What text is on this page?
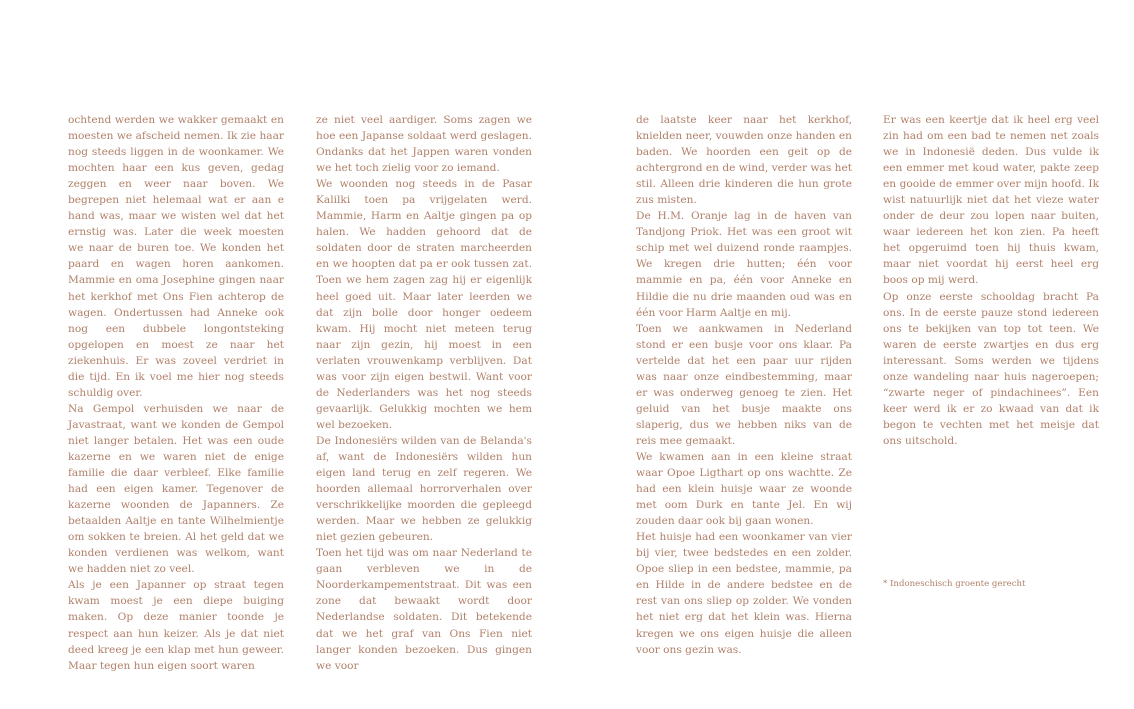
ochtend werden we wakker gemaakt en moesten we afscheid nemen. Ik zie haar nog steeds liggen in de woonkamer. We mochten haar een kus geven, gedag zeggen en weer naar boven. We begrepen niet helemaal wat er aan e hand was, maar we wisten wel dat het ernstig was. Later die week moesten we naar de buren toe. We konden het paard en wagen horen aankomen. Mammie en oma Josephine gingen naar het kerkhof met Ons Fien achterop de wagen. Ondertussen had Anneke ook nog een dubbele longontsteking opgelopen en moest ze naar het ziekenhuis. Er was zoveel verdriet in die tijd. En ik voel me hier nog steeds schuldig over.

Na Gempol verhuisden we naar de Javastraat, want we konden de Gempol niet langer betalen. Het was een oude kazerne en we waren niet de enige familie die daar verbleef. Elke familie had een eigen kamer. Tegenover de kazerne woonden de Japanners. Ze betaalden Aaltje en tante Wilhelmientje om sokken te breien. Al het geld dat we konden verdienen was welkom, want we hadden niet zo veel.

Als je een Japanner op straat tegen kwam moest je een diepe buiging maken. Op deze manier toonde je respect aan hun keizer. Als je dat niet deed kreeg je een klap met hun geweer. Maar tegen hun eigen soort waren

ze niet veel aardiger. Soms zagen we hoe een Japanse soldaat werd geslagen. Ondanks dat het Jappen waren vonden we het toch zielig voor zo iemand.

We woonden nog steeds in de Pasar Kalilki toen pa vrijgelaten werd. Mammie, Harm en Aaltje gingen pa op halen. We hadden gehoord dat de soldaten door de straten marcheerden en we hoopten dat pa er ook tussen zat. Toen we hem zagen zag hij er eigenlijk heel goed uit. Maar later leerden we dat zijn bolle door honger oedeem kwam. Hij mocht niet meteen terug naar zijn gezin, hij moest in een verlaten vrouwenkamp verblijven. Dat was voor zijn eigen bestwil. Want voor de Nederlanders was het nog steeds gevaarlijk. Gelukkig mochten we hem wel bezoeken.

De Indonesiërs wilden van de Belanda's af, want de Indonesiërs wilden hun eigen land terug en zelf regeren. We hoorden allemaal horrorverhalen over verschrikkelijke moorden die gepleegd werden. Maar we hebben ze gelukkig niet gezien gebeuren.

Toen het tijd was om naar Nederland te gaan verbleven we in de Noorderkampementstraat. Dit was een zone dat bewaakt wordt door Nederlandse soldaten. Dit betekende dat we het graf van Ons Fien niet langer konden bezoeken. Dus gingen we voor

de laatste keer naar het kerkhof, knielden neer, vouwden onze handen en baden. We hoorden een geit op de achtergrond en de wind, verder was het stil. Alleen drie kinderen die hun grote zus misten.

De H.M. Oranje lag in de haven van Tandjong Priok. Het was een groot wit schip met wel duizend ronde raampjes. We kregen drie hutten; één voor mammie en pa, één voor Anneke en Hildie die nu drie maanden oud was en één voor Harm Aaltje en mij.

Toen we aankwamen in Nederland stond er een busje voor ons klaar. Pa vertelde dat het een paar uur rijden was naar onze eindbestemming, maar er was onderweg genoeg te zien. Het geluid van het busje maakte ons slaperig, dus we hebben niks van de reis mee gemaakt.

We kwamen aan in een kleine straat waar Opoe Ligthart op ons wachtte. Ze had een klein huisje waar ze woonde met oom Durk en tante Jel. En wij zouden daar ook bij gaan wonen.

Het huisje had een woonkamer van vier bij vier, twee bedstedes en een zolder. Opoe sliep in een bedstee, mammie, pa en Hilde in de andere bedstee en de rest van ons sliep op zolder. We vonden het niet erg dat het klein was. Hierna kregen we ons eigen huisje die alleen voor ons gezin was.

Er was een keertje dat ik heel erg veel zin had om een bad te nemen net zoals we in Indonesië deden. Dus vulde ik een emmer met koud water, pakte zeep en gooide de emmer over mijn hoofd. Ik wist natuurlijk niet dat het vieze water onder de deur zou lopen naar buiten, waar iedereen het kon zien. Pa heeft het opgeruimd toen hij thuis kwam, maar niet voordat hij eerst heel erg boos op mij werd.

Op onze eerste schooldag bracht Pa ons. In de eerste pauze stond iedereen ons te bekijken van top tot teen. We waren de eerste zwartjes en dus erg interessant. Soms werden we tijdens onze wandeling naar huis nageroepen; “zwarte neger of pindachinees”. Een keer werd ik er zo kwaad van dat ik begon te vechten met het meisje dat ons uitschold.

* Indoneschisch groente gerecht
